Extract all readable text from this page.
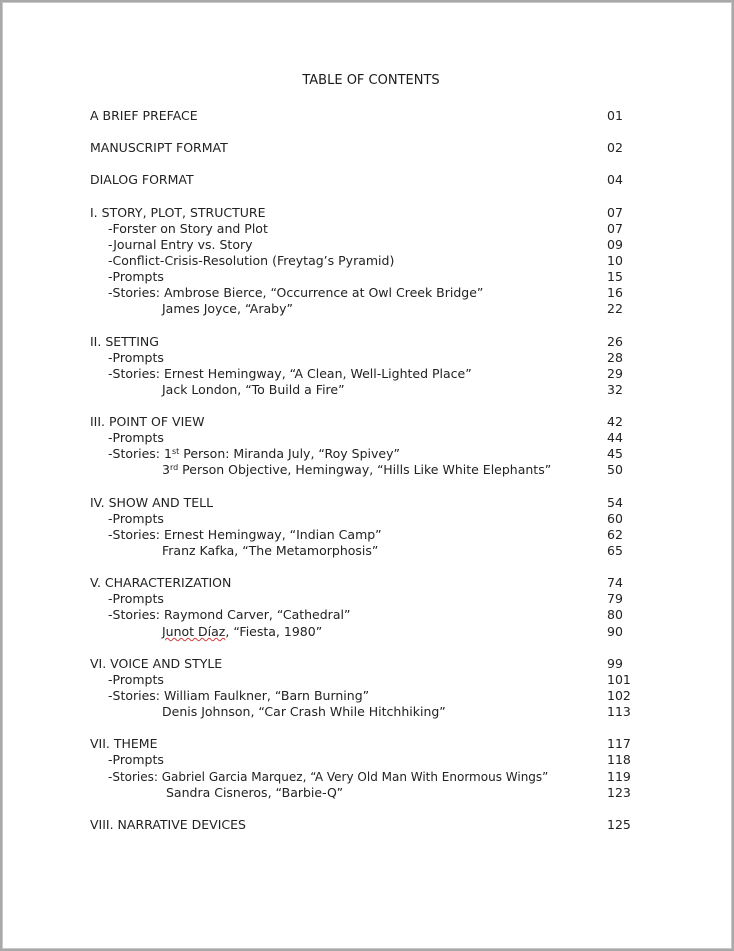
TABLE OF CONTENTS
A BRIEF PREFACE	01
MANUSCRIPT FORMAT	02
DIALOG FORMAT	04
I. STORY, PLOT, STRUCTURE	07
-Forster on Story and Plot	07
-Journal Entry vs. Story	09
-Conflict-Crisis-Resolution (Freytag’s Pyramid)	10
-Prompts	15
-Stories: Ambrose Bierce, “Occurrence at Owl Creek Bridge”	16
James Joyce, “Araby”	22
II. SETTING	26
-Prompts	28
-Stories: Ernest Hemingway, “A Clean, Well-Lighted Place”	29
Jack London, “To Build a Fire”	32
III. POINT OF VIEW	42
-Prompts	44
-Stories: 1st Person: Miranda July, “Roy Spivey”	45
3rd Person Objective, Hemingway, “Hills Like White Elephants”	50
IV. SHOW AND TELL	54
-Prompts	60
-Stories: Ernest Hemingway, “Indian Camp”	62
Franz Kafka, “The Metamorphosis”	65
V. CHARACTERIZATION	74
-Prompts	79
-Stories: Raymond Carver, “Cathedral”	80
Junot Díaz, “Fiesta, 1980”	90
VI. VOICE AND STYLE	99
-Prompts	101
-Stories: William Faulkner, “Barn Burning”	102
Denis Johnson, “Car Crash While Hitchhiking”	113
VII. THEME	117
-Prompts	118
-Stories: Gabriel Garcia Marquez, “A Very Old Man With Enormous Wings”	119
Sandra Cisneros, “Barbie-Q”	123
VIII. NARRATIVE DEVICES	125
